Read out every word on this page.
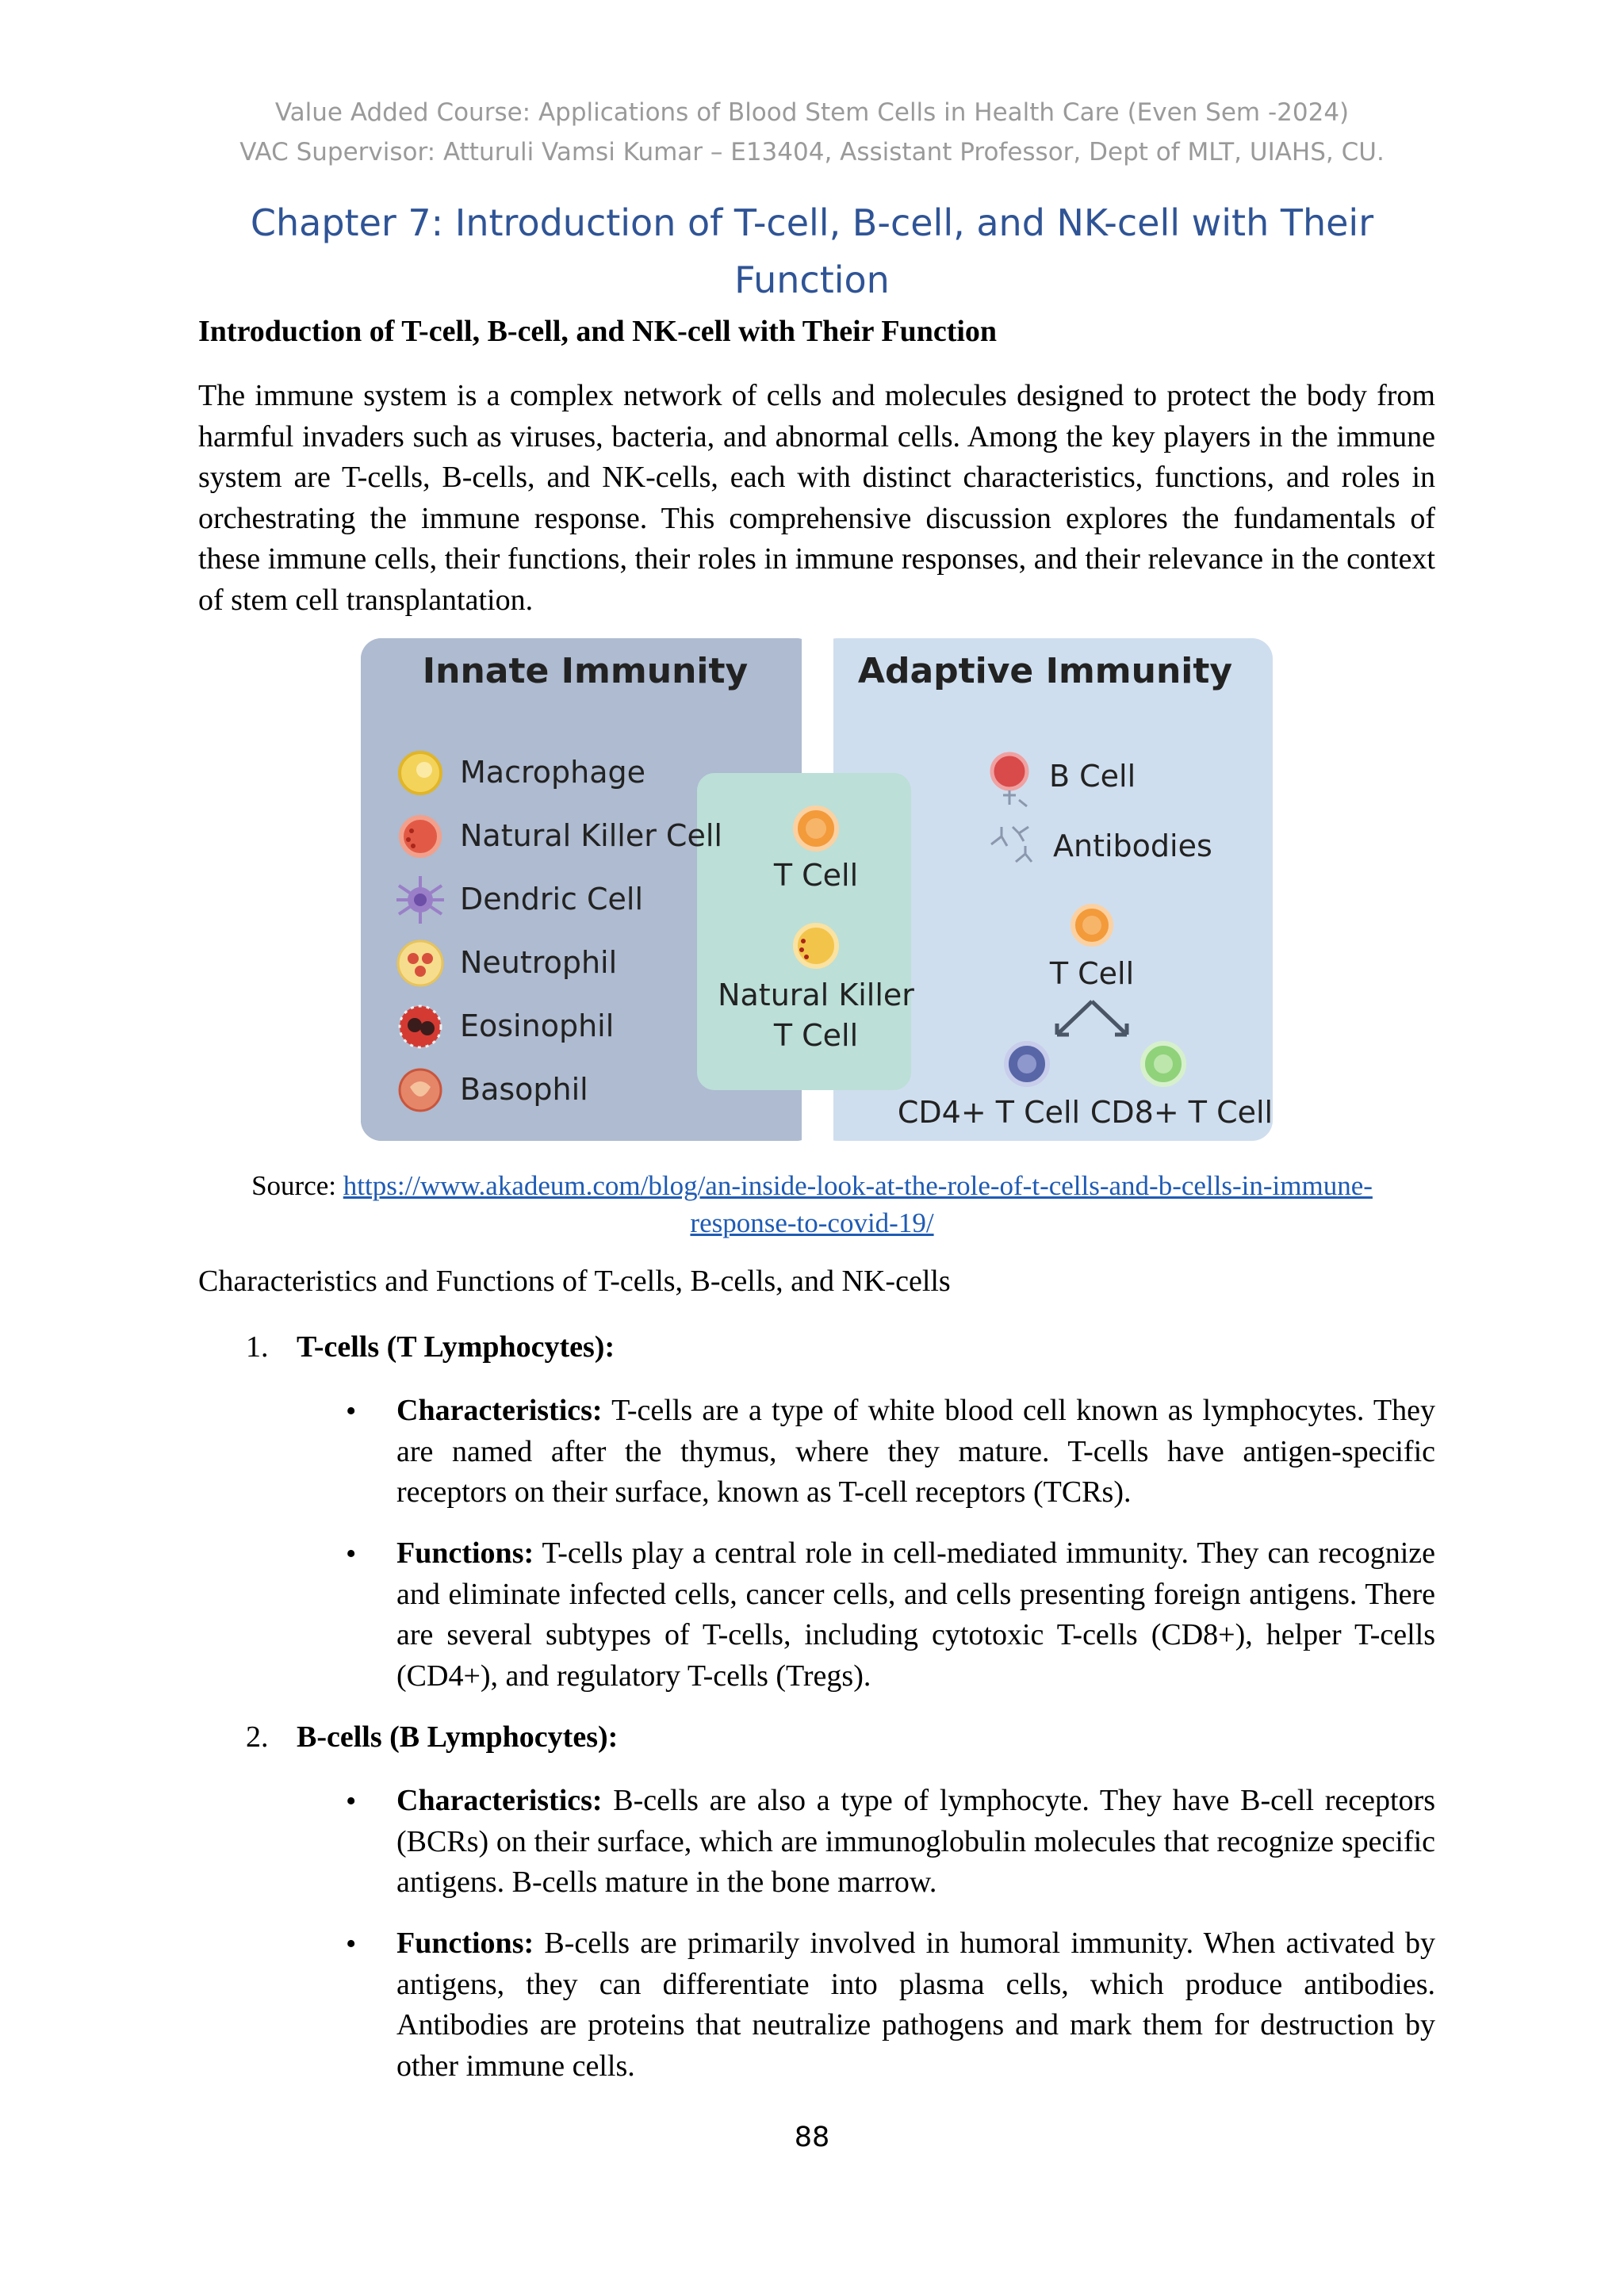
Value Added Course: Applications of Blood Stem Cells in Health Care (Even Sem -2024)
VAC Supervisor: Atturuli Vamsi Kumar – E13404, Assistant Professor, Dept of MLT, UIAHS, CU.
Chapter 7: Introduction of T-cell, B-cell, and NK-cell with Their
Function
Introduction of T-cell, B-cell, and NK-cell with Their Function
The immune system is a complex network of cells and molecules designed to protect the body from harmful invaders such as viruses, bacteria, and abnormal cells. Among the key players in the immune system are T-cells, B-cells, and NK-cells, each with distinct characteristics, functions, and roles in orchestrating the immune response. This comprehensive discussion explores the fundamentals of these immune cells, their functions, their roles in immune responses, and their relevance in the context of stem cell transplantation.
Innate Immunity	Adaptive Immunity
Macrophage
Natural Killer Cell
Dendric Cell
Neutrophil
Eosinophil
Basophil
T Cell
Natural Killer
T Cell
B Cell
Antibodies
T Cell
CD4+ T Cell CD8+ T Cell
Source: https://www.akadeum.com/blog/an-inside-look-at-the-role-of-t-cells-and-b-cells-in-immune-
response-to-covid-19/
Characteristics and Functions of T-cells, B-cells, and NK-cells
1. T-cells (T Lymphocytes):
• Characteristics: T-cells are a type of white blood cell known as lymphocytes. They are named after the thymus, where they mature. T-cells have antigen-specific receptors on their surface, known as T-cell receptors (TCRs).
• Functions: T-cells play a central role in cell-mediated immunity. They can recognize and eliminate infected cells, cancer cells, and cells presenting foreign antigens. There are several subtypes of T-cells, including cytotoxic T-cells (CD8+), helper T-cells (CD4+), and regulatory T-cells (Tregs).
2. B-cells (B Lymphocytes):
• Characteristics: B-cells are also a type of lymphocyte. They have B-cell receptors (BCRs) on their surface, which are immunoglobulin molecules that recognize specific antigens. B-cells mature in the bone marrow.
• Functions: B-cells are primarily involved in humoral immunity. When activated by antigens, they can differentiate into plasma cells, which produce antibodies. Antibodies are proteins that neutralize pathogens and mark them for destruction by other immune cells.
88
